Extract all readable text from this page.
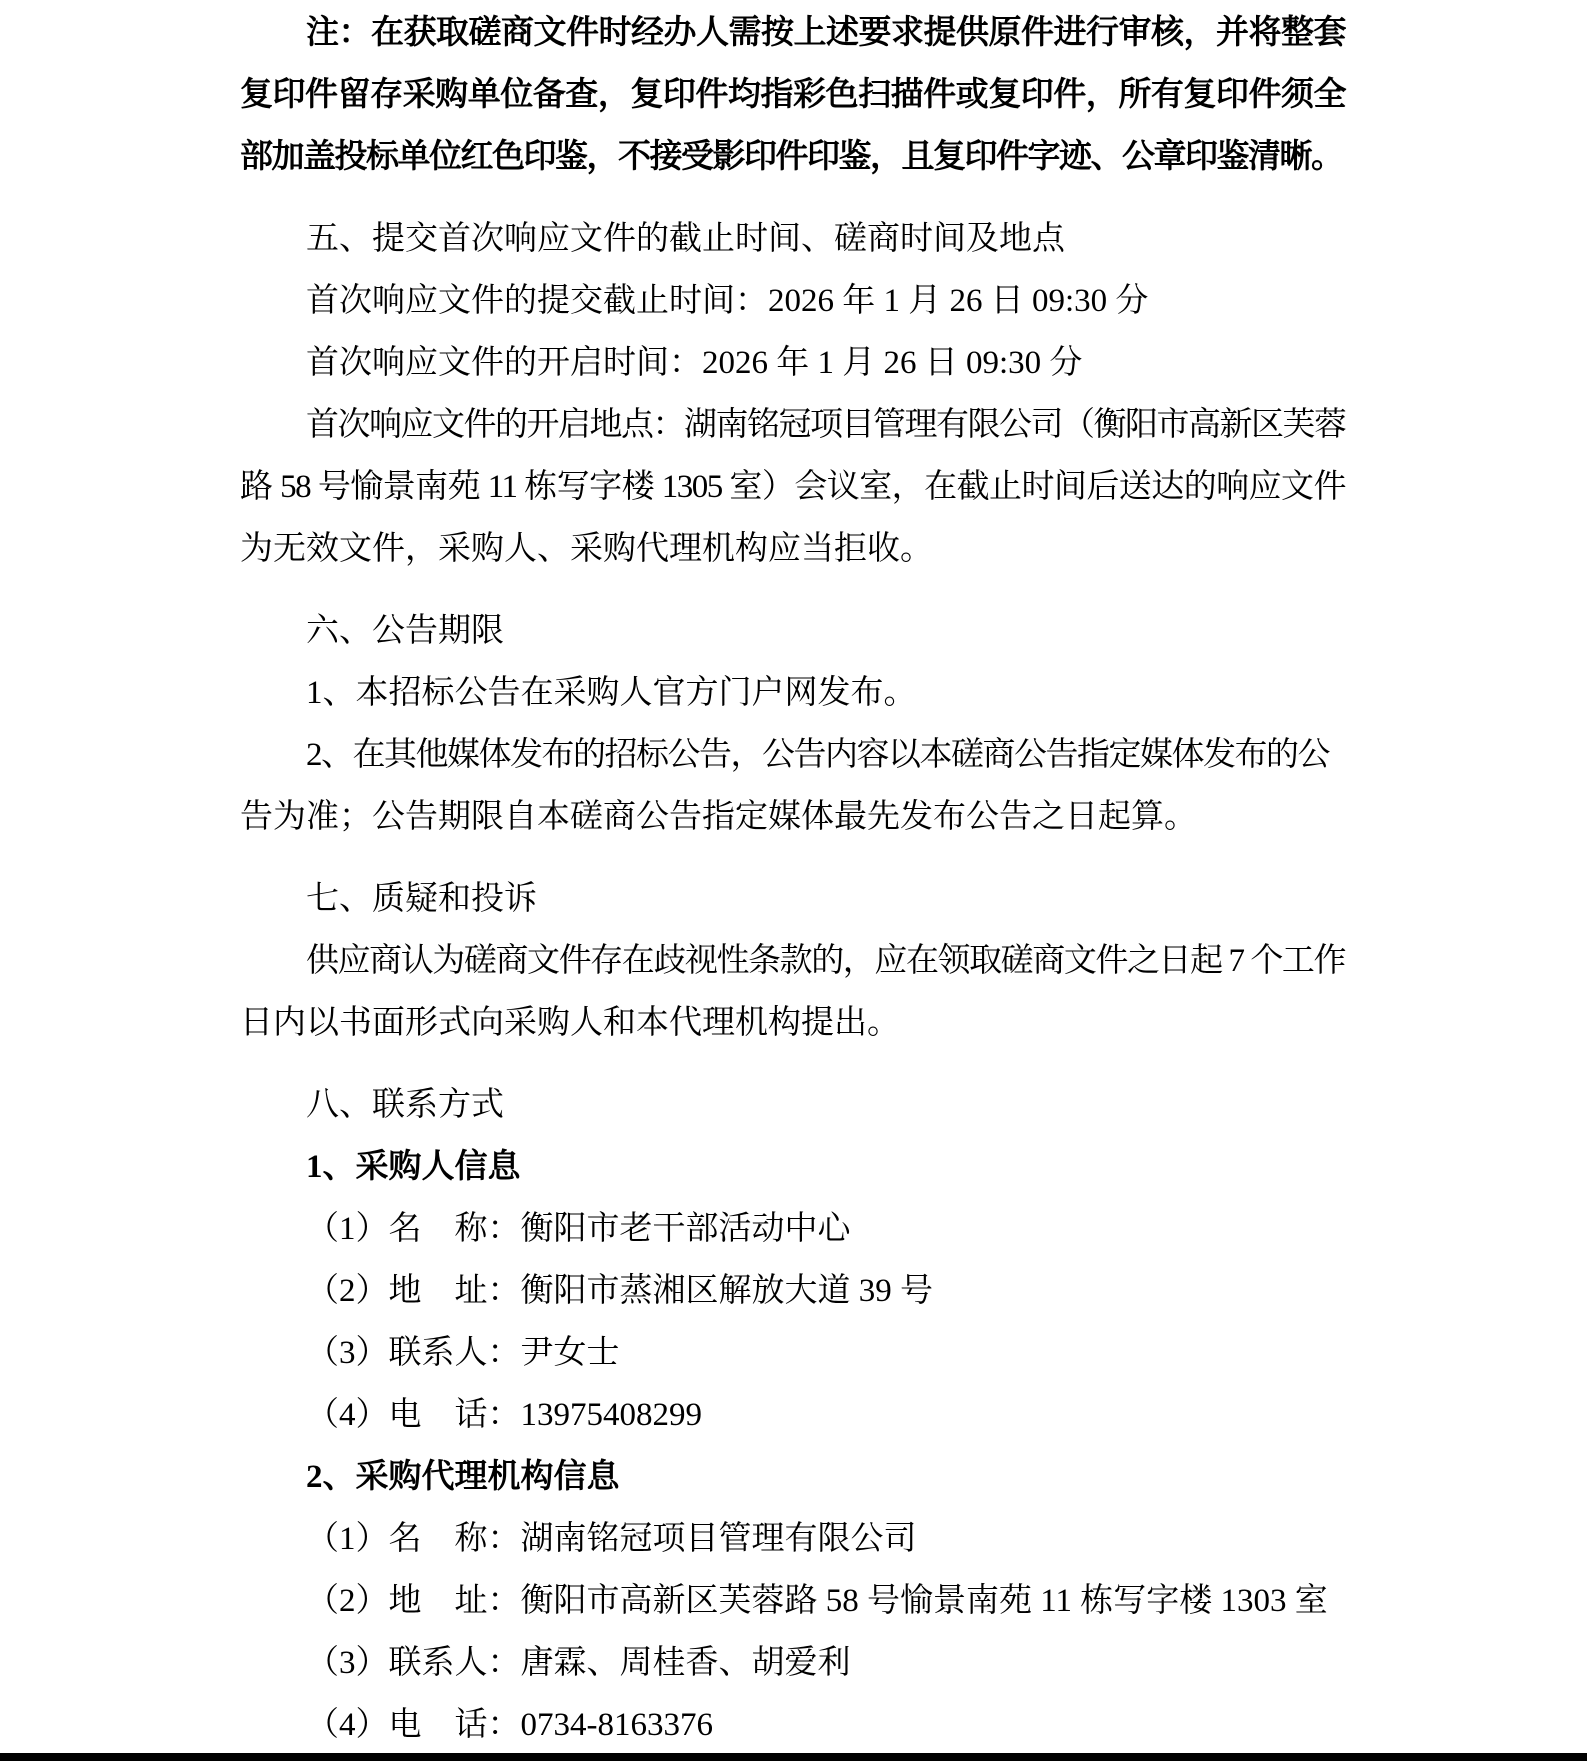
注：在获取磋商文件时经办人需按上述要求提供原件进行审核，并将整套
复印件留存采购单位备查，复印件均指彩色扫描件或复印件，所有复印件须全
部加盖投标单位红色印鉴，不接受影印件印鉴，且复印件字迹、公章印鉴清晰。
五、提交首次响应文件的截止时间、磋商时间及地点
首次响应文件的提交截止时间：2026 年 1 月 26 日 09:30 分
首次响应文件的开启时间：2026 年 1 月 26 日 09:30 分
首次响应文件的开启地点：湖南铭冠项目管理有限公司（衡阳市高新区芙蓉
路 58 号愉景南苑 11 栋写字楼 1305 室）会议室，在截止时间后送达的响应文件
为无效文件，采购人、采购代理机构应当拒收。
六、公告期限
1、本招标公告在采购人官方门户网发布。
2、在其他媒体发布的招标公告，公告内容以本磋商公告指定媒体发布的公
告为准；公告期限自本磋商公告指定媒体最先发布公告之日起算。
七、质疑和投诉
供应商认为磋商文件存在歧视性条款的，应在领取磋商文件之日起 7 个工作
日内以书面形式向采购人和本代理机构提出。
八、联系方式
1、采购人信息
（1）名　称：衡阳市老干部活动中心
（2）地　址：衡阳市蒸湘区解放大道 39 号
（3）联系人：尹女士
（4）电　话：13975408299
2、采购代理机构信息
（1）名　称：湖南铭冠项目管理有限公司
（2）地　址：衡阳市高新区芙蓉路 58 号愉景南苑 11 栋写字楼 1303 室
（3）联系人：唐霖、周桂香、胡爱利
（4）电　话：0734-8163376
